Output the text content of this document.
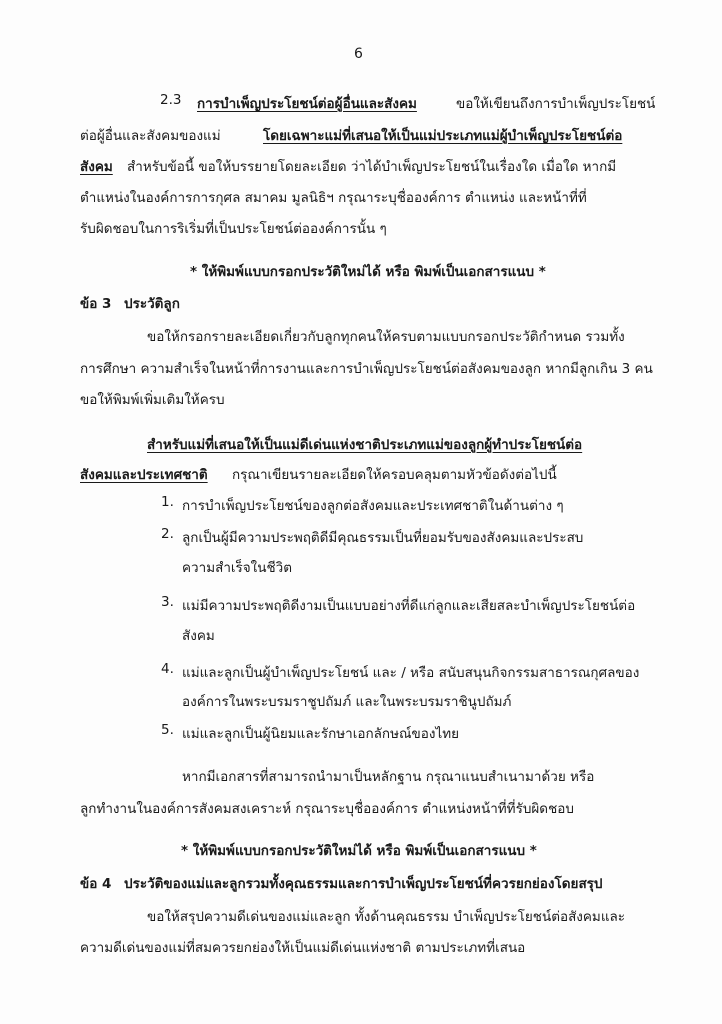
6
2.3 การบำเพ็ญประโยชน์ต่อผู้อื่นและสังคม	ขอให้เขียนถึงการบำเพ็ญประโยชน์
ต่อผู้อื่นและสังคมของแม่	โดยเฉพาะแม่ที่เสนอให้เป็นแม่ประเภทแม่ผู้บำเพ็ญประโยชน์ต่อ
สังคม สำหรับข้อนี้ ขอให้บรรยายโดยละเอียด ว่าได้บำเพ็ญประโยชน์ในเรื่องใด เมื่อใด หากมี
ตำแหน่งในองค์การการกุศล สมาคม มูลนิธิฯ กรุณาระบุชื่อองค์การ ตำแหน่ง และหน้าที่ที่
รับผิดชอบในการริเริ่มที่เป็นประโยชน์ต่อองค์การนั้น ๆ
* ให้พิมพ์แบบกรอกประวัติใหม่ได้ หรือ พิมพ์เป็นเอกสารแนบ *
ข้อ 3 ประวัติลูก
ขอให้กรอกรายละเอียดเกี่ยวกับลูกทุกคนให้ครบตามแบบกรอกประวัติกำหนด รวมทั้ง
การศึกษา ความสำเร็จในหน้าที่การงานและการบำเพ็ญประโยชน์ต่อสังคมของลูก หากมีลูกเกิน 3 คน
ขอให้พิมพ์เพิ่มเติมให้ครบ
สำหรับแม่ที่เสนอให้เป็นแม่ดีเด่นแห่งชาติประเภทแม่ของลูกผู้ทำประโยชน์ต่อ
สังคมและประเทศชาติ กรุณาเขียนรายละเอียดให้ครอบคลุมตามหัวข้อดังต่อไปนี้
1. การบำเพ็ญประโยชน์ของลูกต่อสังคมและประเทศชาติในด้านต่าง ๆ
2. ลูกเป็นผู้มีความประพฤติดีมีคุณธรรมเป็นที่ยอมรับของสังคมและประสบ
ความสำเร็จในชีวิต
3. แม่มีความประพฤติดีงามเป็นแบบอย่างที่ดีแก่ลูกและเสียสละบำเพ็ญประโยชน์ต่อ
สังคม
4. แม่และลูกเป็นผู้บำเพ็ญประโยชน์ และ / หรือ สนับสนุนกิจกรรมสาธารณกุศลของ
องค์การในพระบรมราชูปถัมภ์ และในพระบรมราชินูปถัมภ์
5. แม่และลูกเป็นผู้นิยมและรักษาเอกลักษณ์ของไทย
หากมีเอกสารที่สามารถนำมาเป็นหลักฐาน กรุณาแนบสำเนามาด้วย หรือ
ลูกทำงานในองค์การสังคมสงเคราะห์ กรุณาระบุชื่อองค์การ ตำแหน่งหน้าที่ที่รับผิดชอบ
* ให้พิมพ์แบบกรอกประวัติใหม่ได้ หรือ พิมพ์เป็นเอกสารแนบ *
ข้อ 4 ประวัติของแม่และลูกรวมทั้งคุณธรรมและการบำเพ็ญประโยชน์ที่ควรยกย่องโดยสรุป
ขอให้สรุปความดีเด่นของแม่และลูก ทั้งด้านคุณธรรม บำเพ็ญประโยชน์ต่อสังคมและ
ความดีเด่นของแม่ที่สมควรยกย่องให้เป็นแม่ดีเด่นแห่งชาติ ตามประเภทที่เสนอ
